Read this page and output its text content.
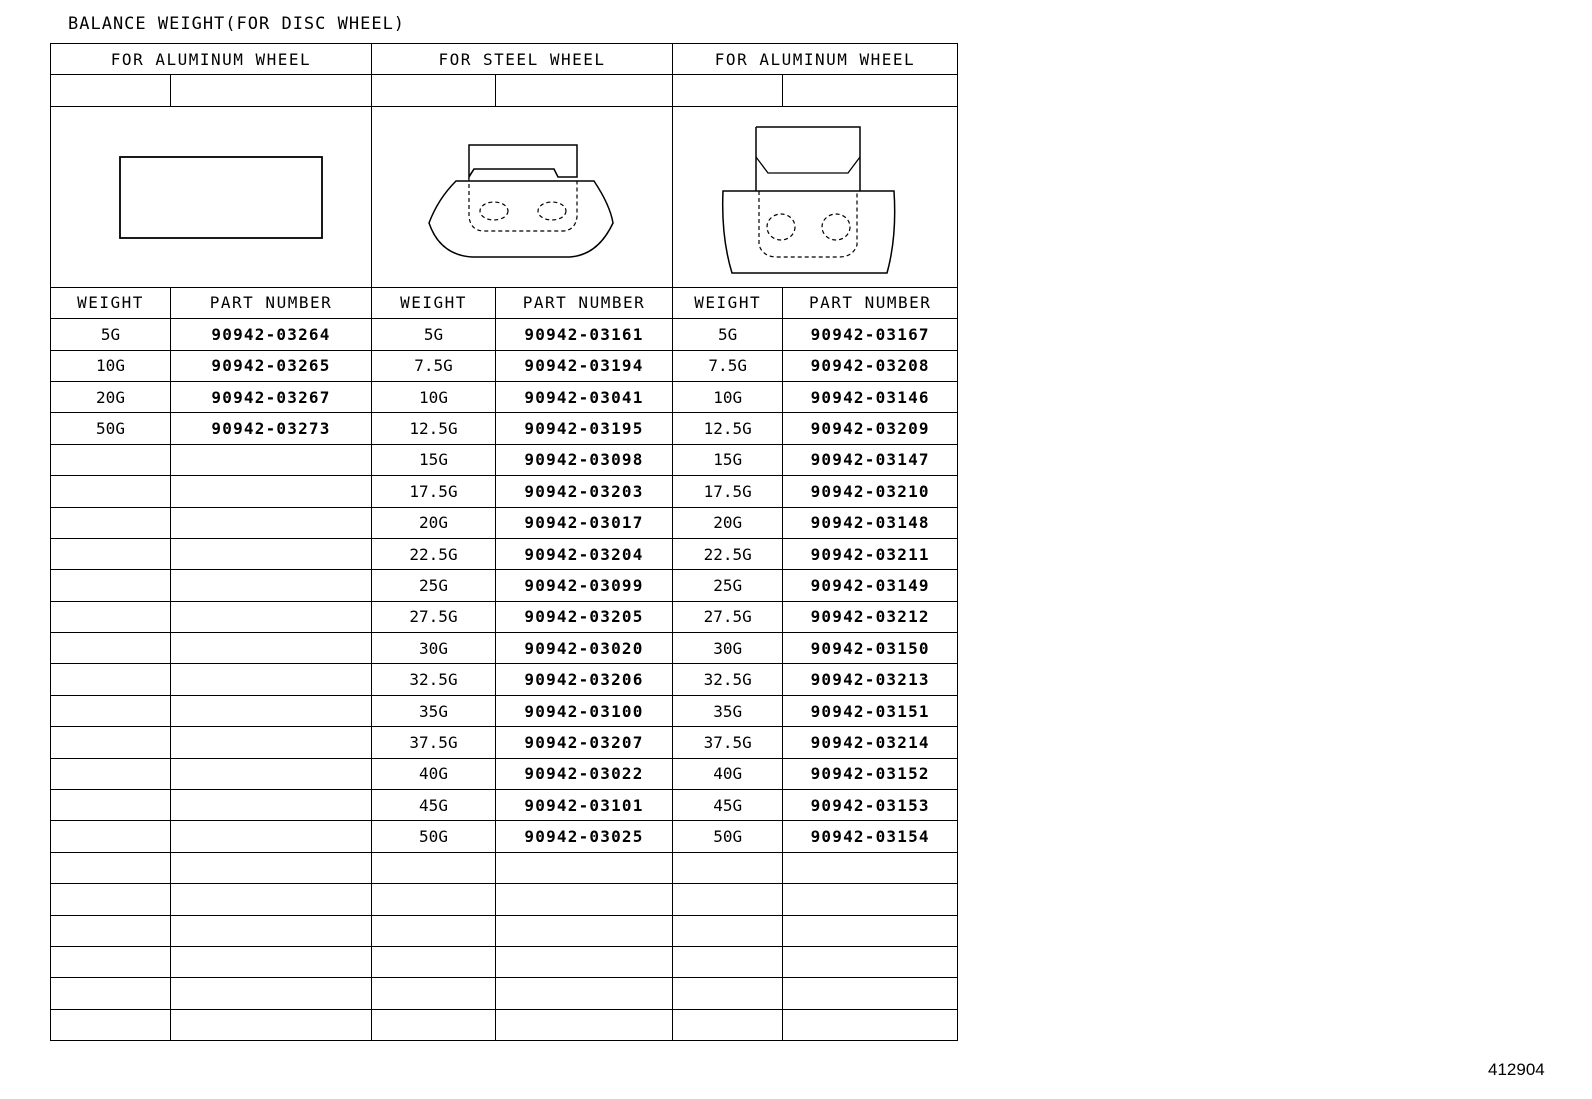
BALANCE WEIGHT(FOR DISC WHEEL)
FOR ALUMINUM WHEEL		FOR STEEL WHEEL		FOR ALUMINUM WHEEL	

WEIGHT	PART NUMBER	WEIGHT	PART NUMBER	WEIGHT	PART NUMBER
5G	90942-03264	5G	90942-03161	5G	90942-03167
10G	90942-03265	7.5G	90942-03194	7.5G	90942-03208
20G	90942-03267	10G	90942-03041	10G	90942-03146
50G	90942-03273	12.5G	90942-03195	12.5G	90942-03209
		15G	90942-03098	15G	90942-03147
		17.5G	90942-03203	17.5G	90942-03210
		20G	90942-03017	20G	90942-03148
		22.5G	90942-03204	22.5G	90942-03211
		25G	90942-03099	25G	90942-03149
		27.5G	90942-03205	27.5G	90942-03212
		30G	90942-03020	30G	90942-03150
		32.5G	90942-03206	32.5G	90942-03213
		35G	90942-03100	35G	90942-03151
		37.5G	90942-03207	37.5G	90942-03214
		40G	90942-03022	40G	90942-03152
		45G	90942-03101	45G	90942-03153
		50G	90942-03025	50G	90942-03154

412904
